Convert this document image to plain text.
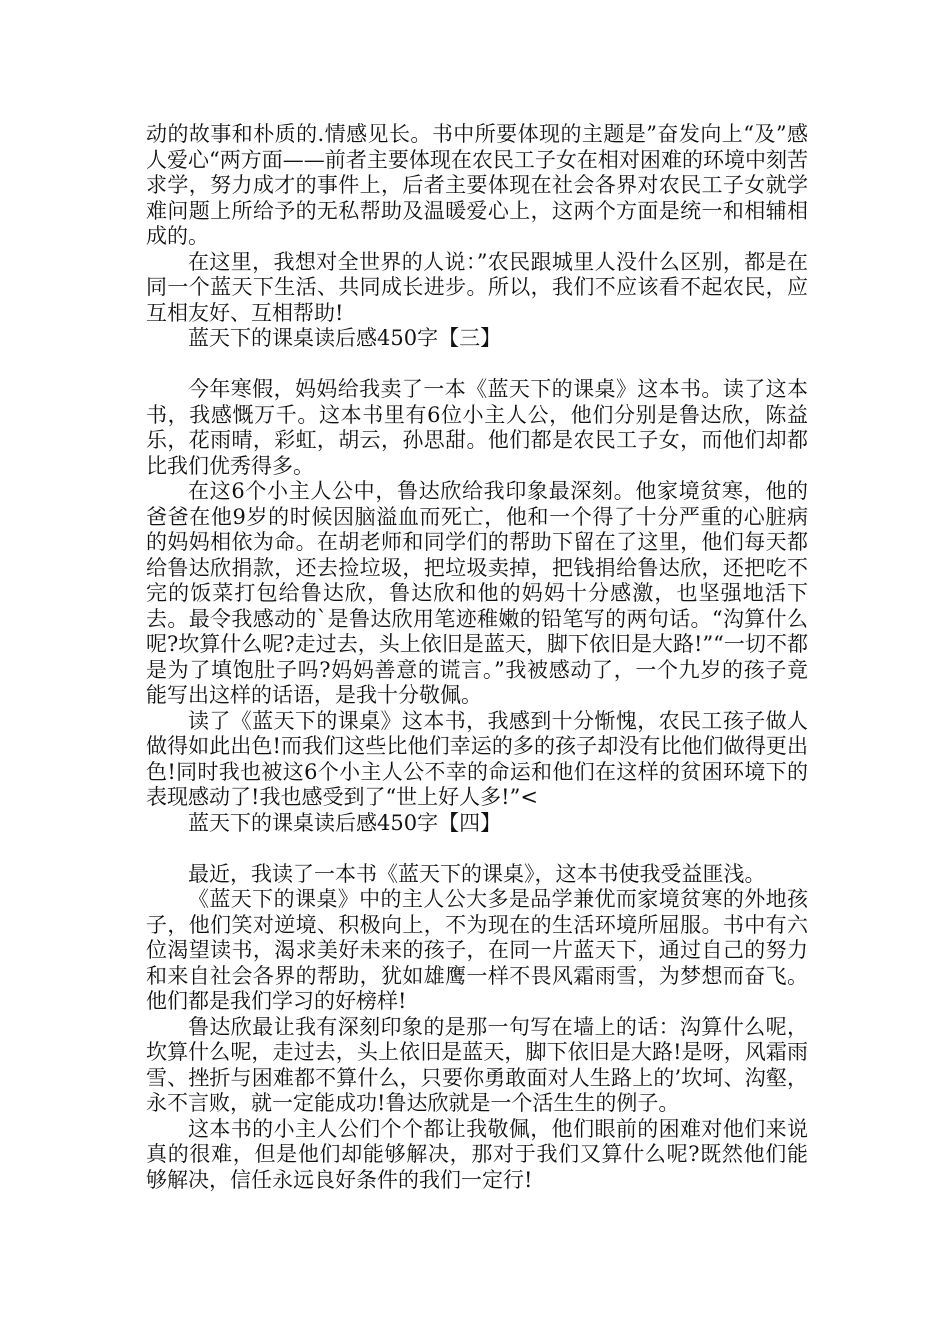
动的故事和朴质的.情感见长。书中所要体现的主题是”奋发向上“及”感人爱心“两方面——前者主要体现在农民工子女在相对困难的环境中刻苦求学，努力成才的事件上，后者主要体现在社会各界对农民工子女就学难问题上所给予的无私帮助及温暖爱心上，这两个方面是统一和相辅相成的。

在这里，我想对全世界的人说：”农民跟城里人没什么区别，都是在同一个蓝天下生活、共同成长进步。所以，我们不应该看不起农民，应互相友好、互相帮助!

蓝天下的课桌读后感450字【三】

今年寒假，妈妈给我卖了一本《蓝天下的课桌》这本书。读了这本书，我感慨万千。这本书里有6位小主人公，他们分别是鲁达欣，陈益乐，花雨晴，彩虹，胡云，孙思甜。他们都是农民工子女，而他们却都比我们优秀得多。

在这6个小主人公中，鲁达欣给我印象最深刻。他家境贫寒，他的爸爸在他9岁的时候因脑溢血而死亡，他和一个得了十分严重的心脏病的妈妈相依为命。在胡老师和同学们的帮助下留在了这里，他们每天都给鲁达欣捐款，还去捡垃圾，把垃圾卖掉，把钱捐给鲁达欣，还把吃不完的饭菜打包给鲁达欣，鲁达欣和他的妈妈十分感激，也坚强地活下去。最令我感动的`是鲁达欣用笔迹稚嫩的铅笔写的两句话。“沟算什么呢?坎算什么呢?走过去，头上依旧是蓝天，脚下依旧是大路!”“一切不都是为了填饱肚子吗?妈妈善意的谎言。”我被感动了，一个九岁的孩子竟能写出这样的话语，是我十分敬佩。

读了《蓝天下的课桌》这本书，我感到十分惭愧，农民工孩子做人做得如此出色!而我们这些比他们幸运的多的孩子却没有比他们做得更出色!同时我也被这6个小主人公不幸的命运和他们在这样的贫困环境下的表现感动了!我也感受到了“世上好人多!”<

蓝天下的课桌读后感450字【四】

最近，我读了一本书《蓝天下的课桌》，这本书使我受益匪浅。

《蓝天下的课桌》中的主人公大多是品学兼优而家境贫寒的外地孩子，他们笑对逆境、积极向上，不为现在的生活环境所屈服。书中有六位渴望读书，渴求美好未来的孩子，在同一片蓝天下，通过自己的努力和来自社会各界的帮助，犹如雄鹰一样不畏风霜雨雪，为梦想而奋飞。他们都是我们学习的好榜样!

鲁达欣最让我有深刻印象的是那一句写在墙上的话：沟算什么呢，坎算什么呢，走过去，头上依旧是蓝天，脚下依旧是大路!是呀，风霜雨雪、挫折与困难都不算什么，只要你勇敢面对人生路上的’坎坷、沟壑，永不言败，就一定能成功!鲁达欣就是一个活生生的例子。

这本书的小主人公们个个都让我敬佩，他们眼前的困难对他们来说真的很难，但是他们却能够解决，那对于我们又算什么呢?既然他们能够解决，信任永远良好条件的我们一定行!
